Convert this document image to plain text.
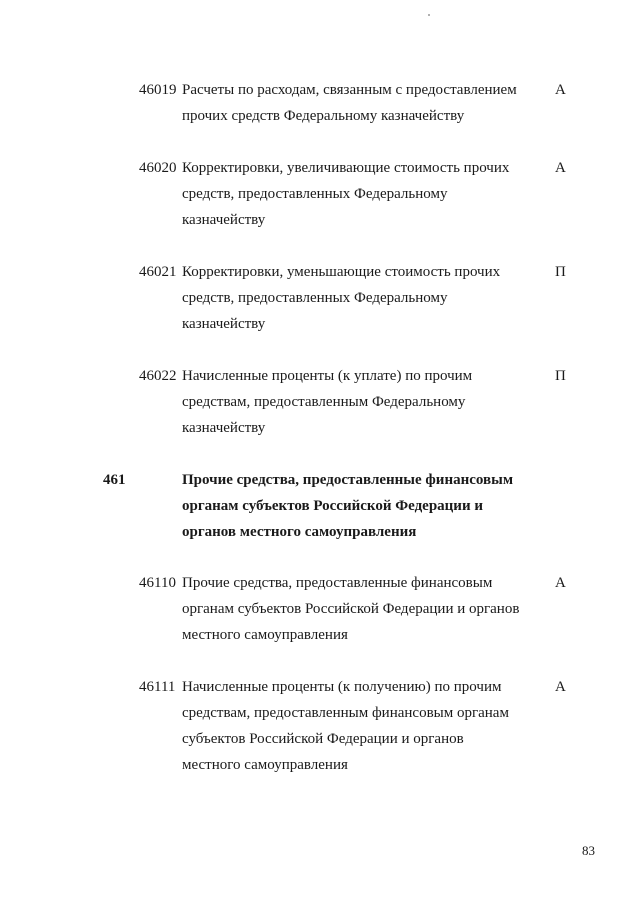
46019 Расчеты по расходам, связанным с предоставлением
прочих средств Федеральному казначейству
А
46020 Корректировки, увеличивающие стоимость прочих
средств, предоставленных Федеральному
казначейству
А
46021 Корректировки, уменьшающие стоимость прочих
средств, предоставленных Федеральному
казначейству
П
46022 Начисленные проценты (к уплате) по прочим
средствам, предоставленным Федеральному
казначейству
П
461	Прочие средства, предоставленные финансовым
органам субъектов Российской Федерации и
органов местного самоуправления
46110 Прочие средства, предоставленные финансовым
органам субъектов Российской Федерации и органов
местного самоуправления
А
46111 Начисленные проценты (к получению) по прочим
средствам, предоставленным финансовым органам
субъектов Российской Федерации и органов
местного самоуправления
А
83
